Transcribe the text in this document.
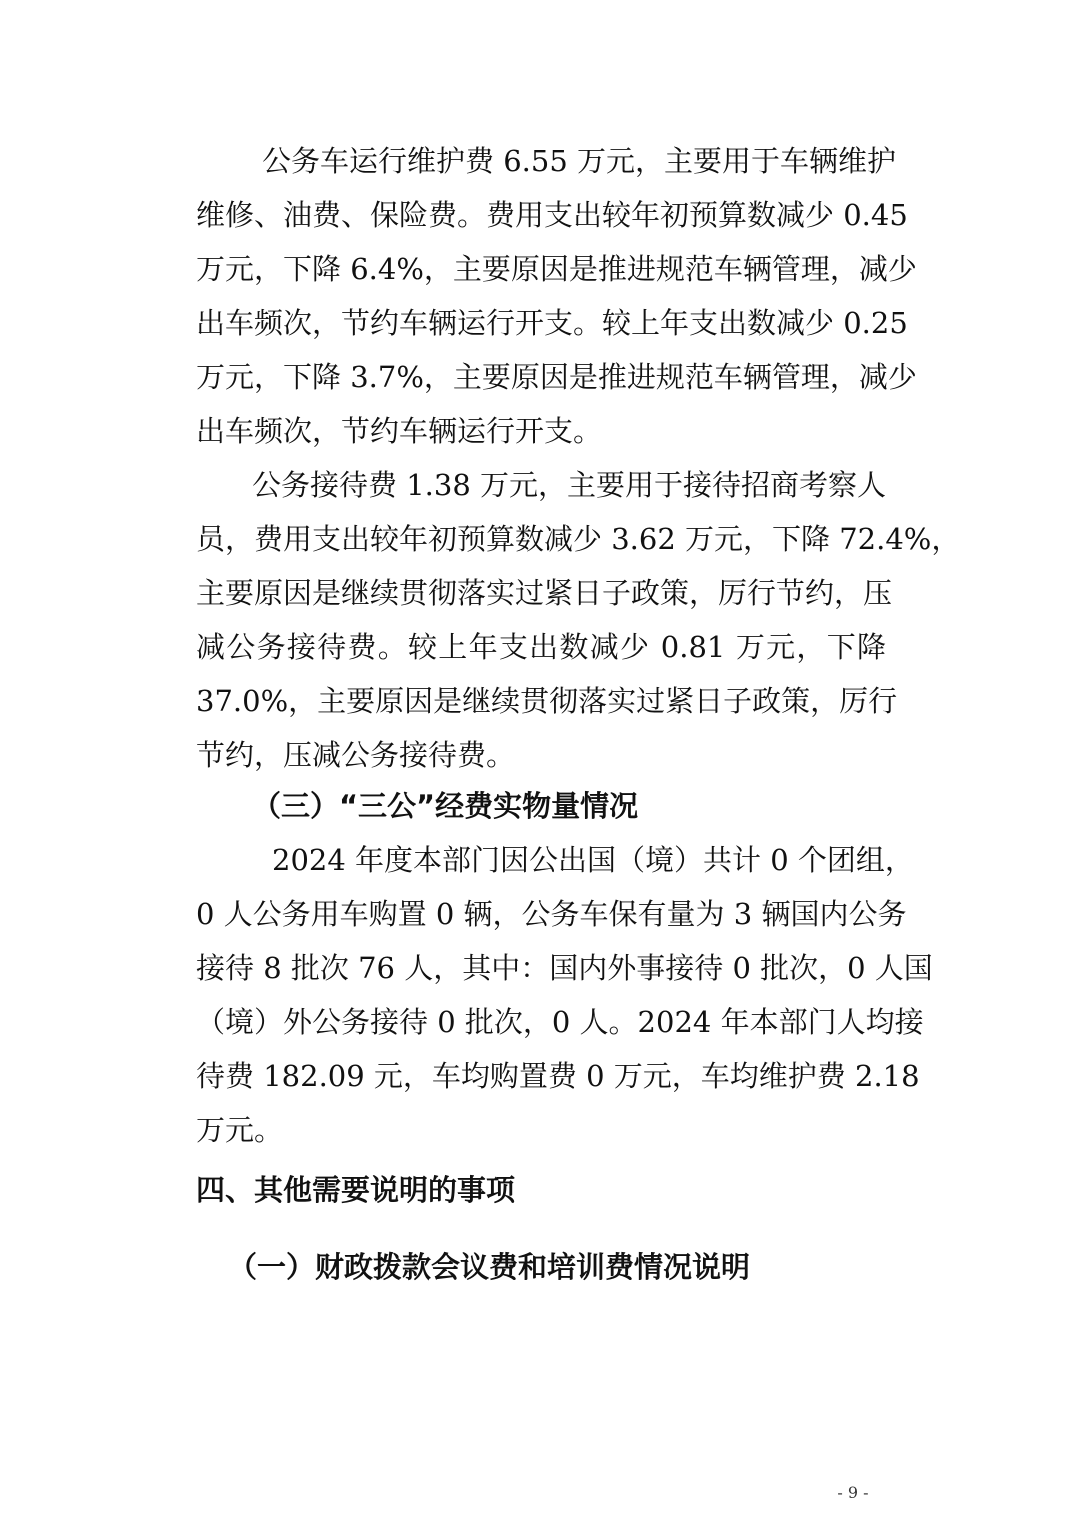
公务车运行维护费 6.55 万元，主要用于车辆维护
维修、油费、保险费。费用支出较年初预算数减少 0.45
万元，下降 6.4%，主要原因是推进规范车辆管理，减少
出车频次，节约车辆运行开支。较上年支出数减少 0.25
万元，下降 3.7%，主要原因是推进规范车辆管理，减少
出车频次，节约车辆运行开支。
公务接待费 1.38 万元，主要用于接待招商考察人
员，费用支出较年初预算数减少 3.62 万元，下降 72.4%，
主要原因是继续贯彻落实过紧日子政策，厉行节约，压
减公务接待费。较上年支出数减少 0.81 万元，下降
37.0%，主要原因是继续贯彻落实过紧日子政策，厉行
节约，压减公务接待费。
（三）“三公”经费实物量情况
2024 年度本部门因公出国（境）共计 0 个团组，
0 人公务用车购置 0 辆，公务车保有量为 3 辆国内公务
接待 8 批次 76 人，其中：国内外事接待 0 批次，0 人国
（境）外公务接待 0 批次，0 人。2024 年本部门人均接
待费 182.09 元，车均购置费 0 万元，车均维护费 2.18
万元。
四、其他需要说明的事项
（一）财政拨款会议费和培训费情况说明
- 9 -
